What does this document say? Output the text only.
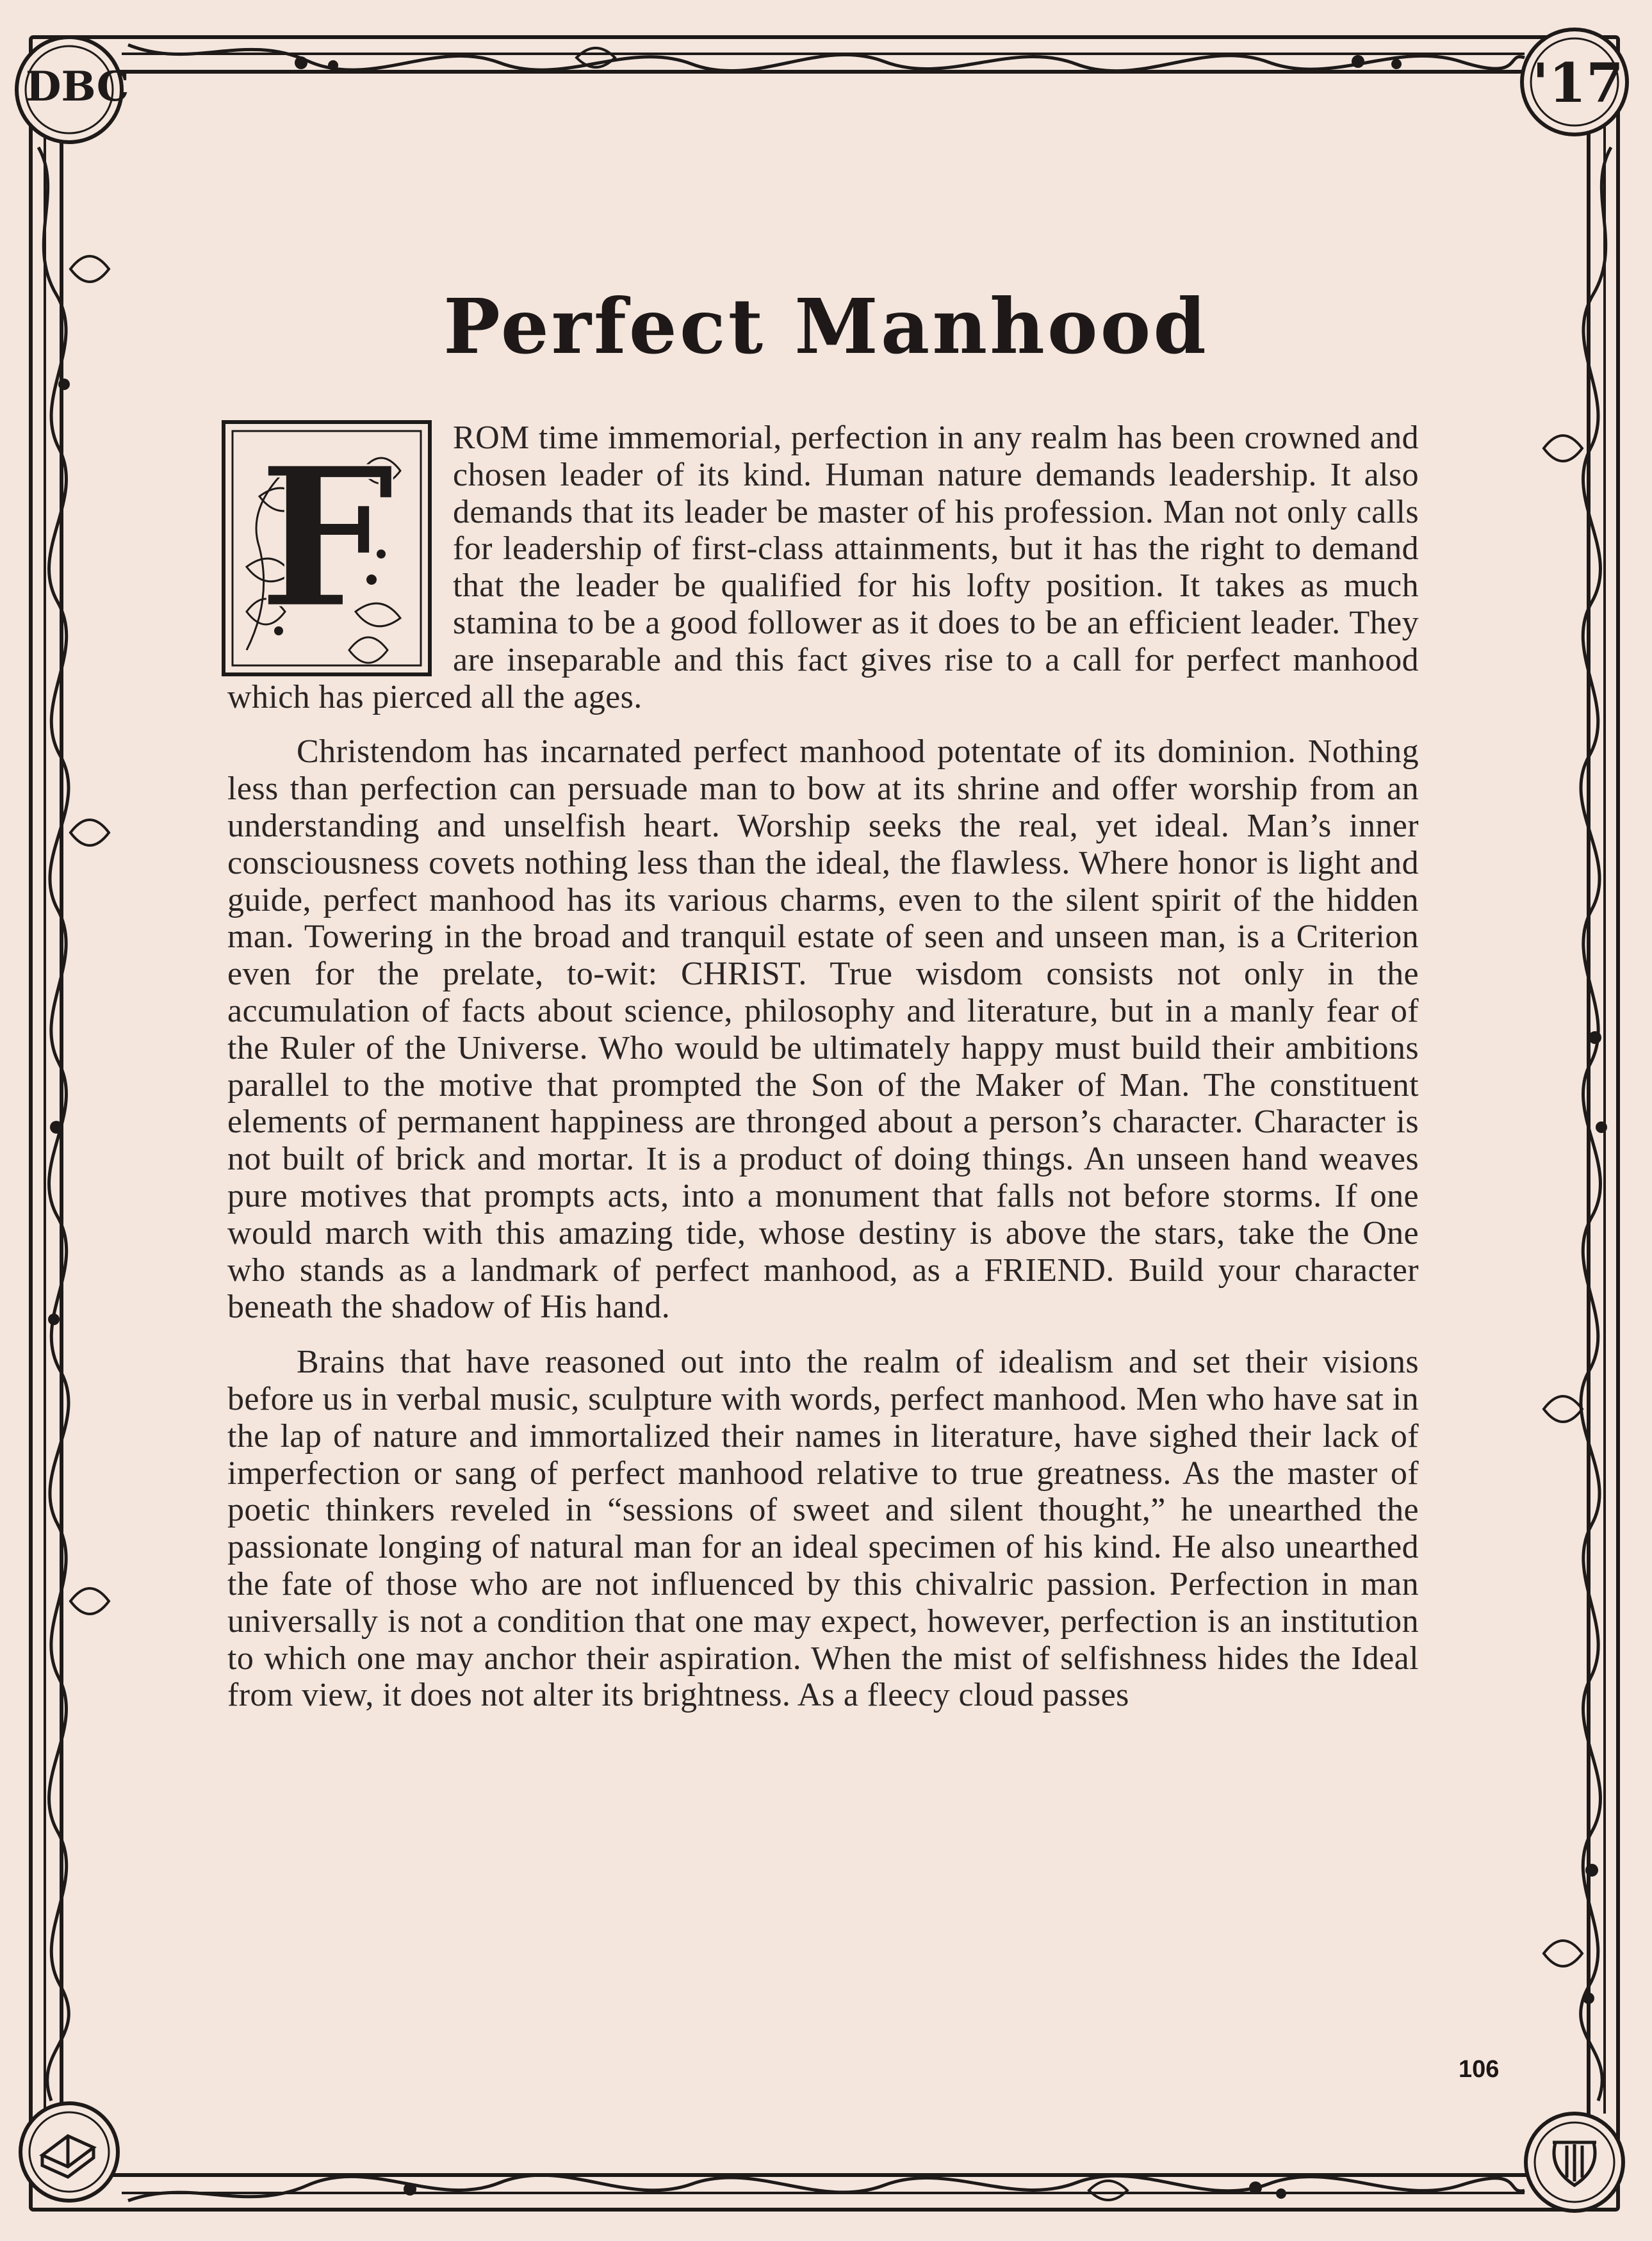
DBC	'17
Perfect Manhood

F ROM time immemorial, perfection in any realm has been crowned and chosen leader of its kind. Human nature demands leadership. It also demands that its leader be master of his profession. Man not only calls for leadership of first-class attainments, but it has the right to demand that the leader be qualified for his lofty position. It takes as much stamina to be a good follower as it does to be an efficient leader. They are inseparable and this fact gives rise to a call for perfect manhood which has pierced all the ages.

Christendom has incarnated perfect manhood potentate of its dominion. Nothing less than perfection can persuade man to bow at its shrine and offer worship from an understanding and unselfish heart. Worship seeks the real, yet ideal. Man’s inner consciousness covets nothing less than the ideal, the flawless. Where honor is light and guide, perfect manhood has its various charms, even to the silent spirit of the hidden man. Towering in the broad and tranquil estate of seen and unseen man, is a Criterion even for the prelate, to-wit: CHRIST. True wisdom consists not only in the accumulation of facts about science, philosophy and literature, but in a manly fear of the Ruler of the Universe. Who would be ultimately happy must build their ambitions parallel to the motive that prompted the Son of the Maker of Man. The constituent elements of permanent happiness are thronged about a person’s character. Character is not built of brick and mortar. It is a product of doing things. An unseen hand weaves pure motives that prompts acts, into a monument that falls not before storms. If one would march with this amazing tide, whose destiny is above the stars, take the One who stands as a landmark of perfect manhood, as a FRIEND. Build your character beneath the shadow of His hand.

Brains that have reasoned out into the realm of idealism and set their visions before us in verbal music, sculpture with words, perfect manhood. Men who have sat in the lap of nature and immortalized their names in literature, have sighed their lack of imperfection or sang of perfect manhood relative to true greatness. As the master of poetic thinkers reveled in “sessions of sweet and silent thought,” he unearthed the passionate longing of natural man for an ideal specimen of his kind. He also unearthed the fate of those who are not influenced by this chivalric passion. Perfection in man universally is not a condition that one may expect, however, perfection is an institution to which one may anchor their aspiration. When the mist of selfishness hides the Ideal from view, it does not alter its brightness. As a fleecy cloud passes

106
